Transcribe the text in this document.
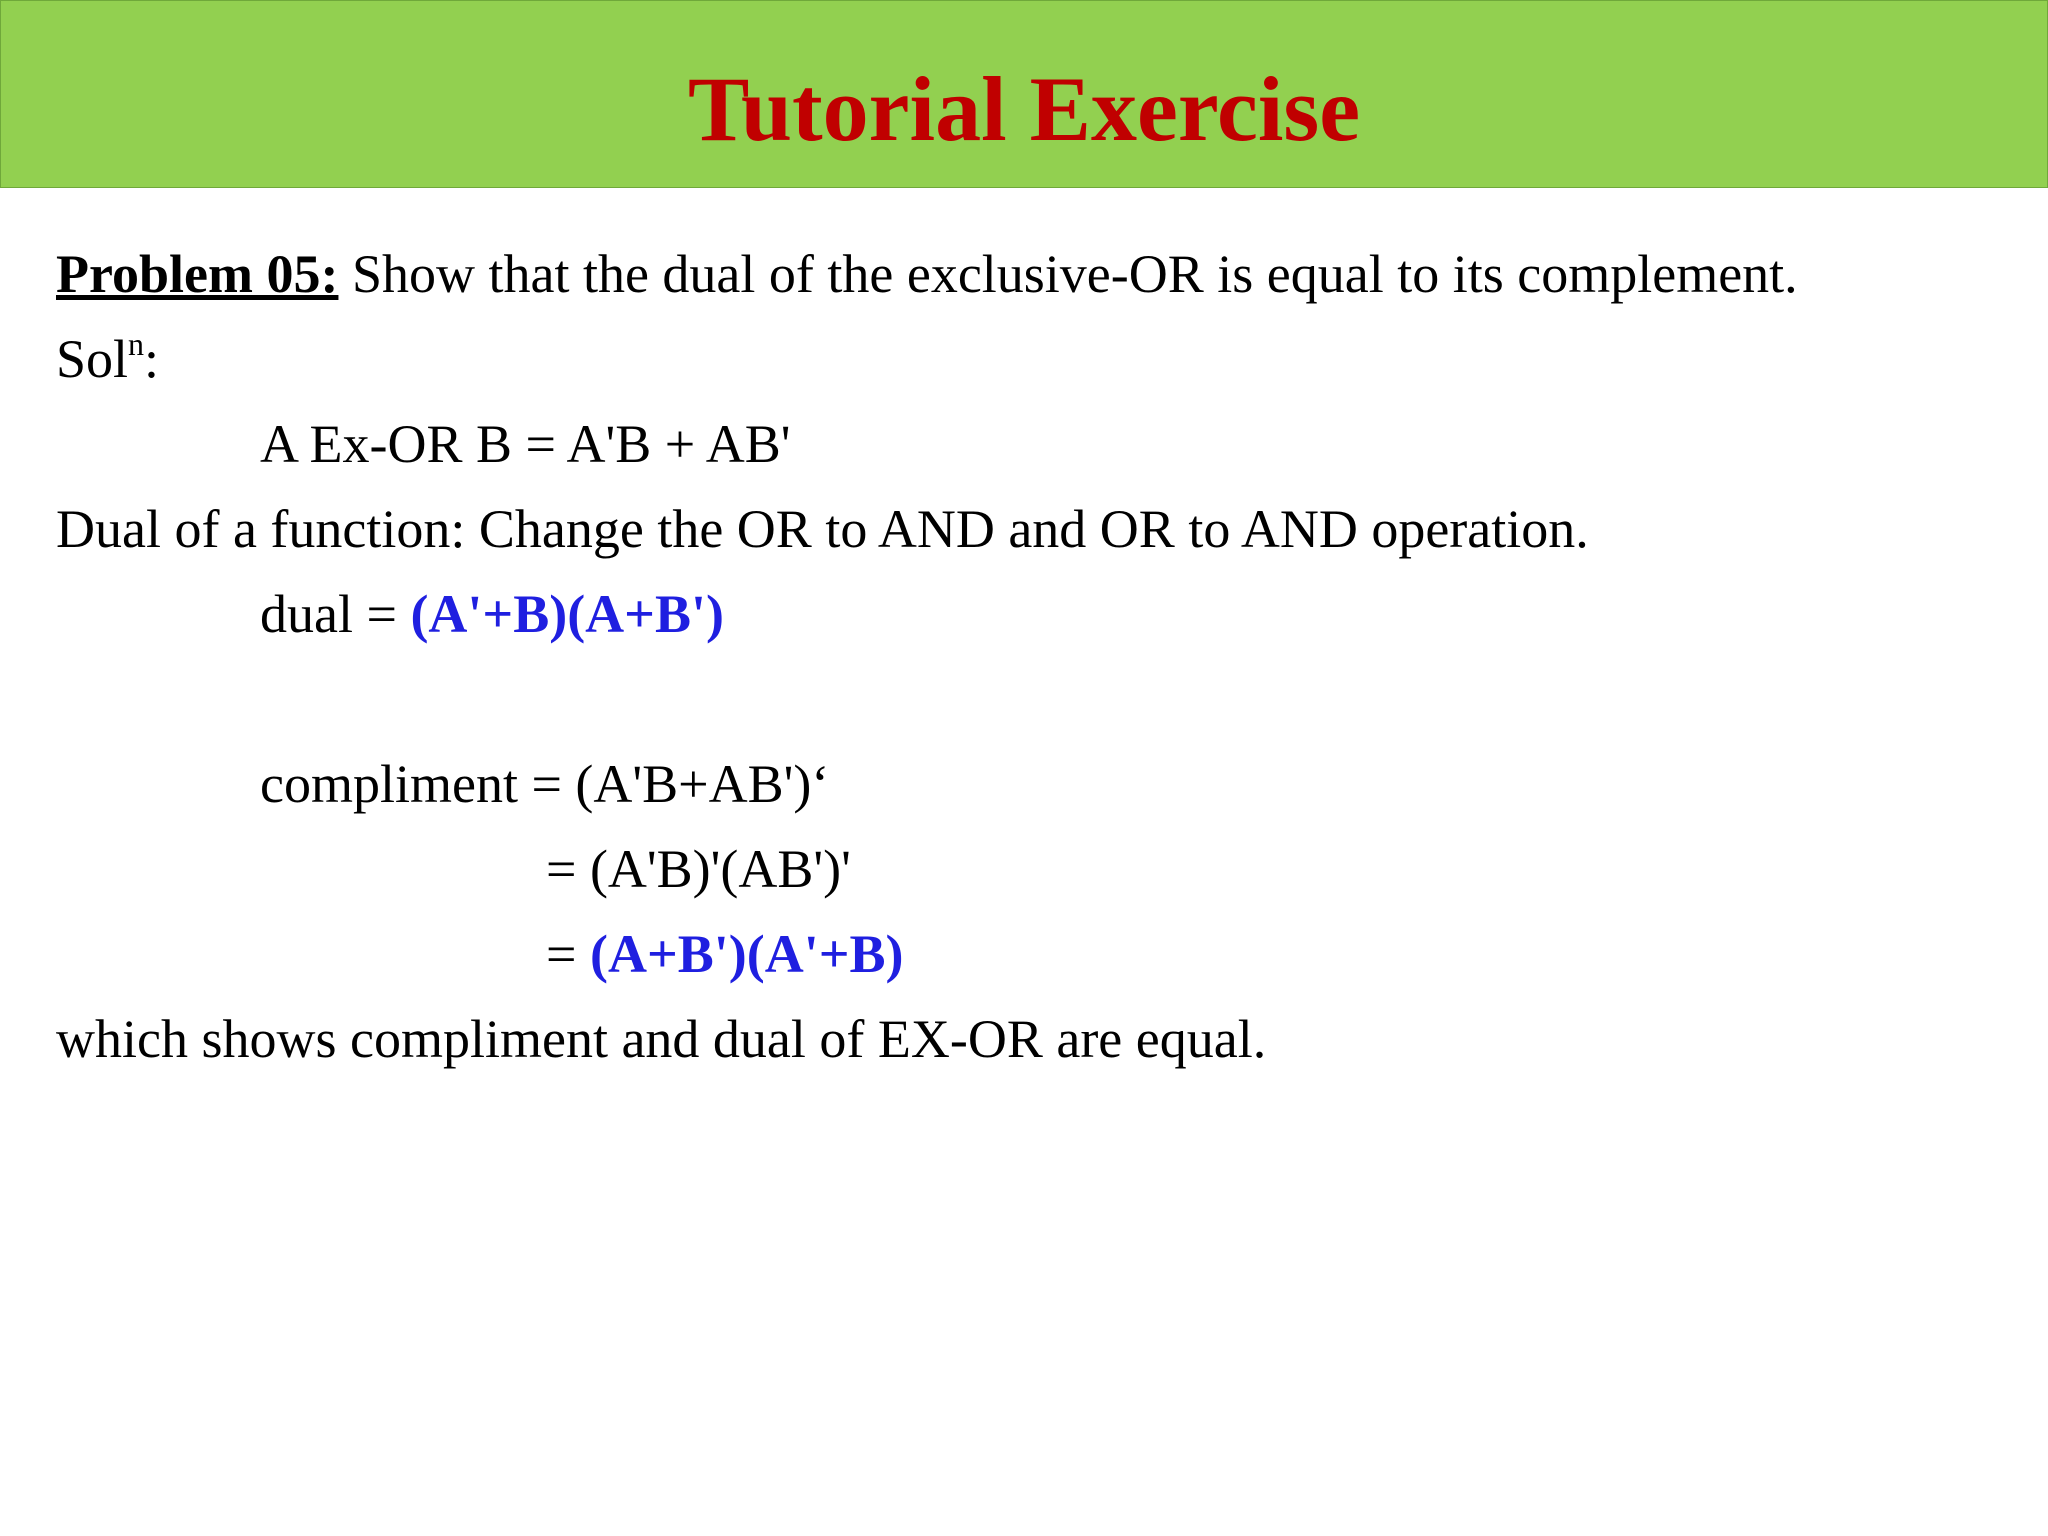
Tutorial Exercise
Problem 05: Show that the dual of the exclusive-OR is equal to its complement.
Sol$^n$:
A Ex-OR B = A'B + AB'
Dual of a function: Change the OR to AND and OR to AND operation.
dual = (A'+B)(A+B')
compliment = (A'B+AB')‘
= (A'B)'(AB')'
= (A+B')(A'+B)
which shows compliment and dual of EX-OR are equal.
